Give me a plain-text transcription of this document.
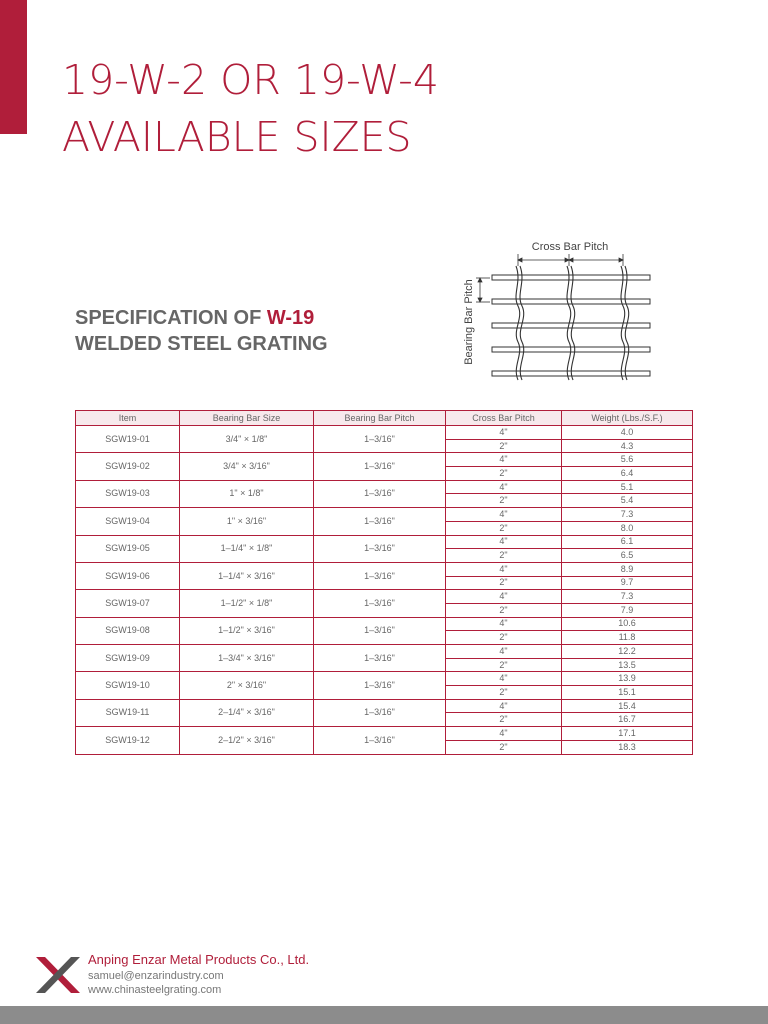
19-W-2 OR 19-W-4
AVAILABLE SIZES
SPECIFICATION OF W-19
WELDED STEEL GRATING
Cross Bar Pitch
Bearing Bar Pitch
Item	Bearing Bar Size	Bearing Bar Pitch	Cross Bar Pitch	Weight (Lbs./S.F.)
SGW19-01	3/4" × 1/8"	1–3/16"	4"	4.0
			2"	4.3
SGW19-02	3/4" × 3/16"	1–3/16"	4"	5.6
			2"	6.4
SGW19-03	1" × 1/8"	1–3/16"	4"	5.1
			2"	5.4
SGW19-04	1" × 3/16"	1–3/16"	4"	7.3
			2"	8.0
SGW19-05	1–1/4" × 1/8"	1–3/16"	4"	6.1
			2"	6.5
SGW19-06	1–1/4" × 3/16"	1–3/16"	4"	8.9
			2"	9.7
SGW19-07	1–1/2" × 1/8"	1–3/16"	4"	7.3
			2"	7.9
SGW19-08	1–1/2" × 3/16"	1–3/16"	4"	10.6
			2"	11.8
SGW19-09	1–3/4" × 3/16"	1–3/16"	4"	12.2
			2"	13.5
SGW19-10	2" × 3/16"	1–3/16"	4"	13.9
			2"	15.1
SGW19-11	2–1/4" × 3/16"	1–3/16"	4"	15.4
			2"	16.7
SGW19-12	2–1/2" × 3/16"	1–3/16"	4"	17.1
			2"	18.3
Anping Enzar Metal Products Co., Ltd.
samuel@enzarindustry.com
www.chinasteelgrating.com
